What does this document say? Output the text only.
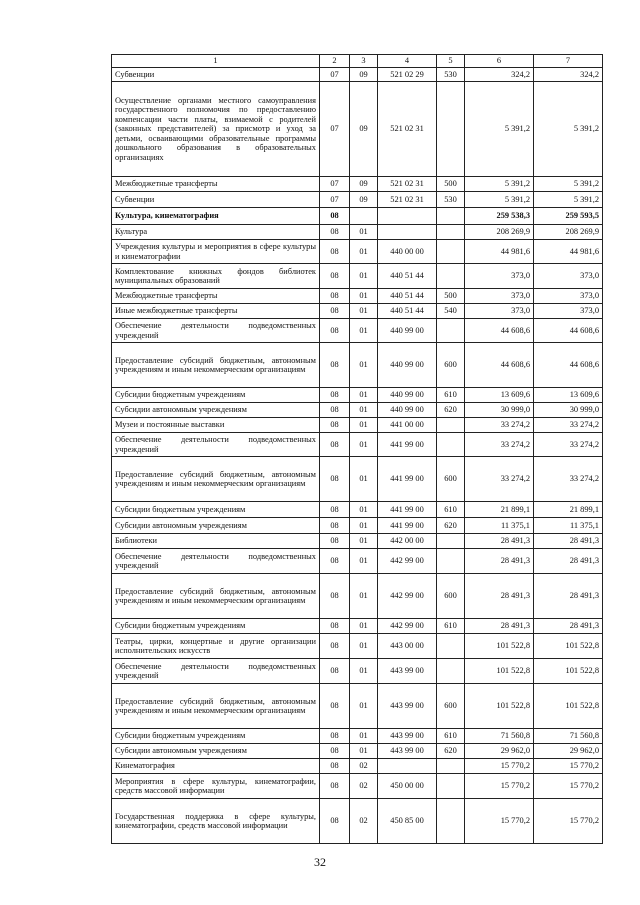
1	2	3	4	5	6	7
Субвенции	07	09	521 02 29	530	324,2	324,2
Осуществление органами местного самоуправления государственного полномочия по предоставлению компенсации части платы, взимаемой с родителей (законных представителей) за присмотр и уход за детьми, осваивающими образовательные программы дошкольного образования в образовательных организациях	07	09	521 02 31		5 391,2	5 391,2
Межбюджетные трансферты	07	09	521 02 31	500	5 391,2	5 391,2
Субвенции	07	09	521 02 31	530	5 391,2	5 391,2
Культура, кинематография	08				259 538,3	259 593,5
Культура	08	01			208 269,9	208 269,9
Учреждения культуры и мероприятия в сфере культуры и кинематографии	08	01	440 00 00		44 981,6	44 981,6
Комплектование книжных фондов библиотек муниципальных образований	08	01	440 51 44		373,0	373,0
Межбюджетные трансферты	08	01	440 51 44	500	373,0	373,0
Иные межбюджетные трансферты	08	01	440 51 44	540	373,0	373,0
Обеспечение деятельности подведомственных учреждений	08	01	440 99 00		44 608,6	44 608,6
Предоставление субсидий бюджетным, автономным учреждениям и иным некоммерческим организациям	08	01	440 99 00	600	44 608,6	44 608,6
Субсидии бюджетным учреждениям	08	01	440 99 00	610	13 609,6	13 609,6
Субсидии автономным учреждениям	08	01	440 99 00	620	30 999,0	30 999,0
Музеи и постоянные выставки	08	01	441 00 00		33 274,2	33 274,2
Обеспечение деятельности подведомственных учреждений	08	01	441 99 00		33 274,2	33 274,2
Предоставление субсидий бюджетным, автономным учреждениям и иным некоммерческим организациям	08	01	441 99 00	600	33 274,2	33 274,2
Субсидии бюджетным учреждениям	08	01	441 99 00	610	21 899,1	21 899,1
Субсидии автономным учреждениям	08	01	441 99 00	620	11 375,1	11 375,1
Библиотеки	08	01	442 00 00		28 491,3	28 491,3
Обеспечение деятельности подведомственных учреждений	08	01	442 99 00		28 491,3	28 491,3
Предоставление субсидий бюджетным, автономным учреждениям и иным некоммерческим организациям	08	01	442 99 00	600	28 491,3	28 491,3
Субсидии бюджетным учреждениям	08	01	442 99 00	610	28 491,3	28 491,3
Театры, цирки, концертные и другие организации исполнительских искусств	08	01	443 00 00		101 522,8	101 522,8
Обеспечение деятельности подведомственных учреждений	08	01	443 99 00		101 522,8	101 522,8
Предоставление субсидий бюджетным, автономным учреждениям и иным некоммерческим организациям	08	01	443 99 00	600	101 522,8	101 522,8
Субсидии бюджетным учреждениям	08	01	443 99 00	610	71 560,8	71 560,8
Субсидии автономным учреждениям	08	01	443 99 00	620	29 962,0	29 962,0
Кинематография	08	02			15 770,2	15 770,2
Мероприятия в сфере культуры, кинематографии, средств массовой информации	08	02	450 00 00		15 770,2	15 770,2
Государственная поддержка в сфере культуры, кинематографии, средств массовой информации	08	02	450 85 00		15 770,2	15 770,2
32
